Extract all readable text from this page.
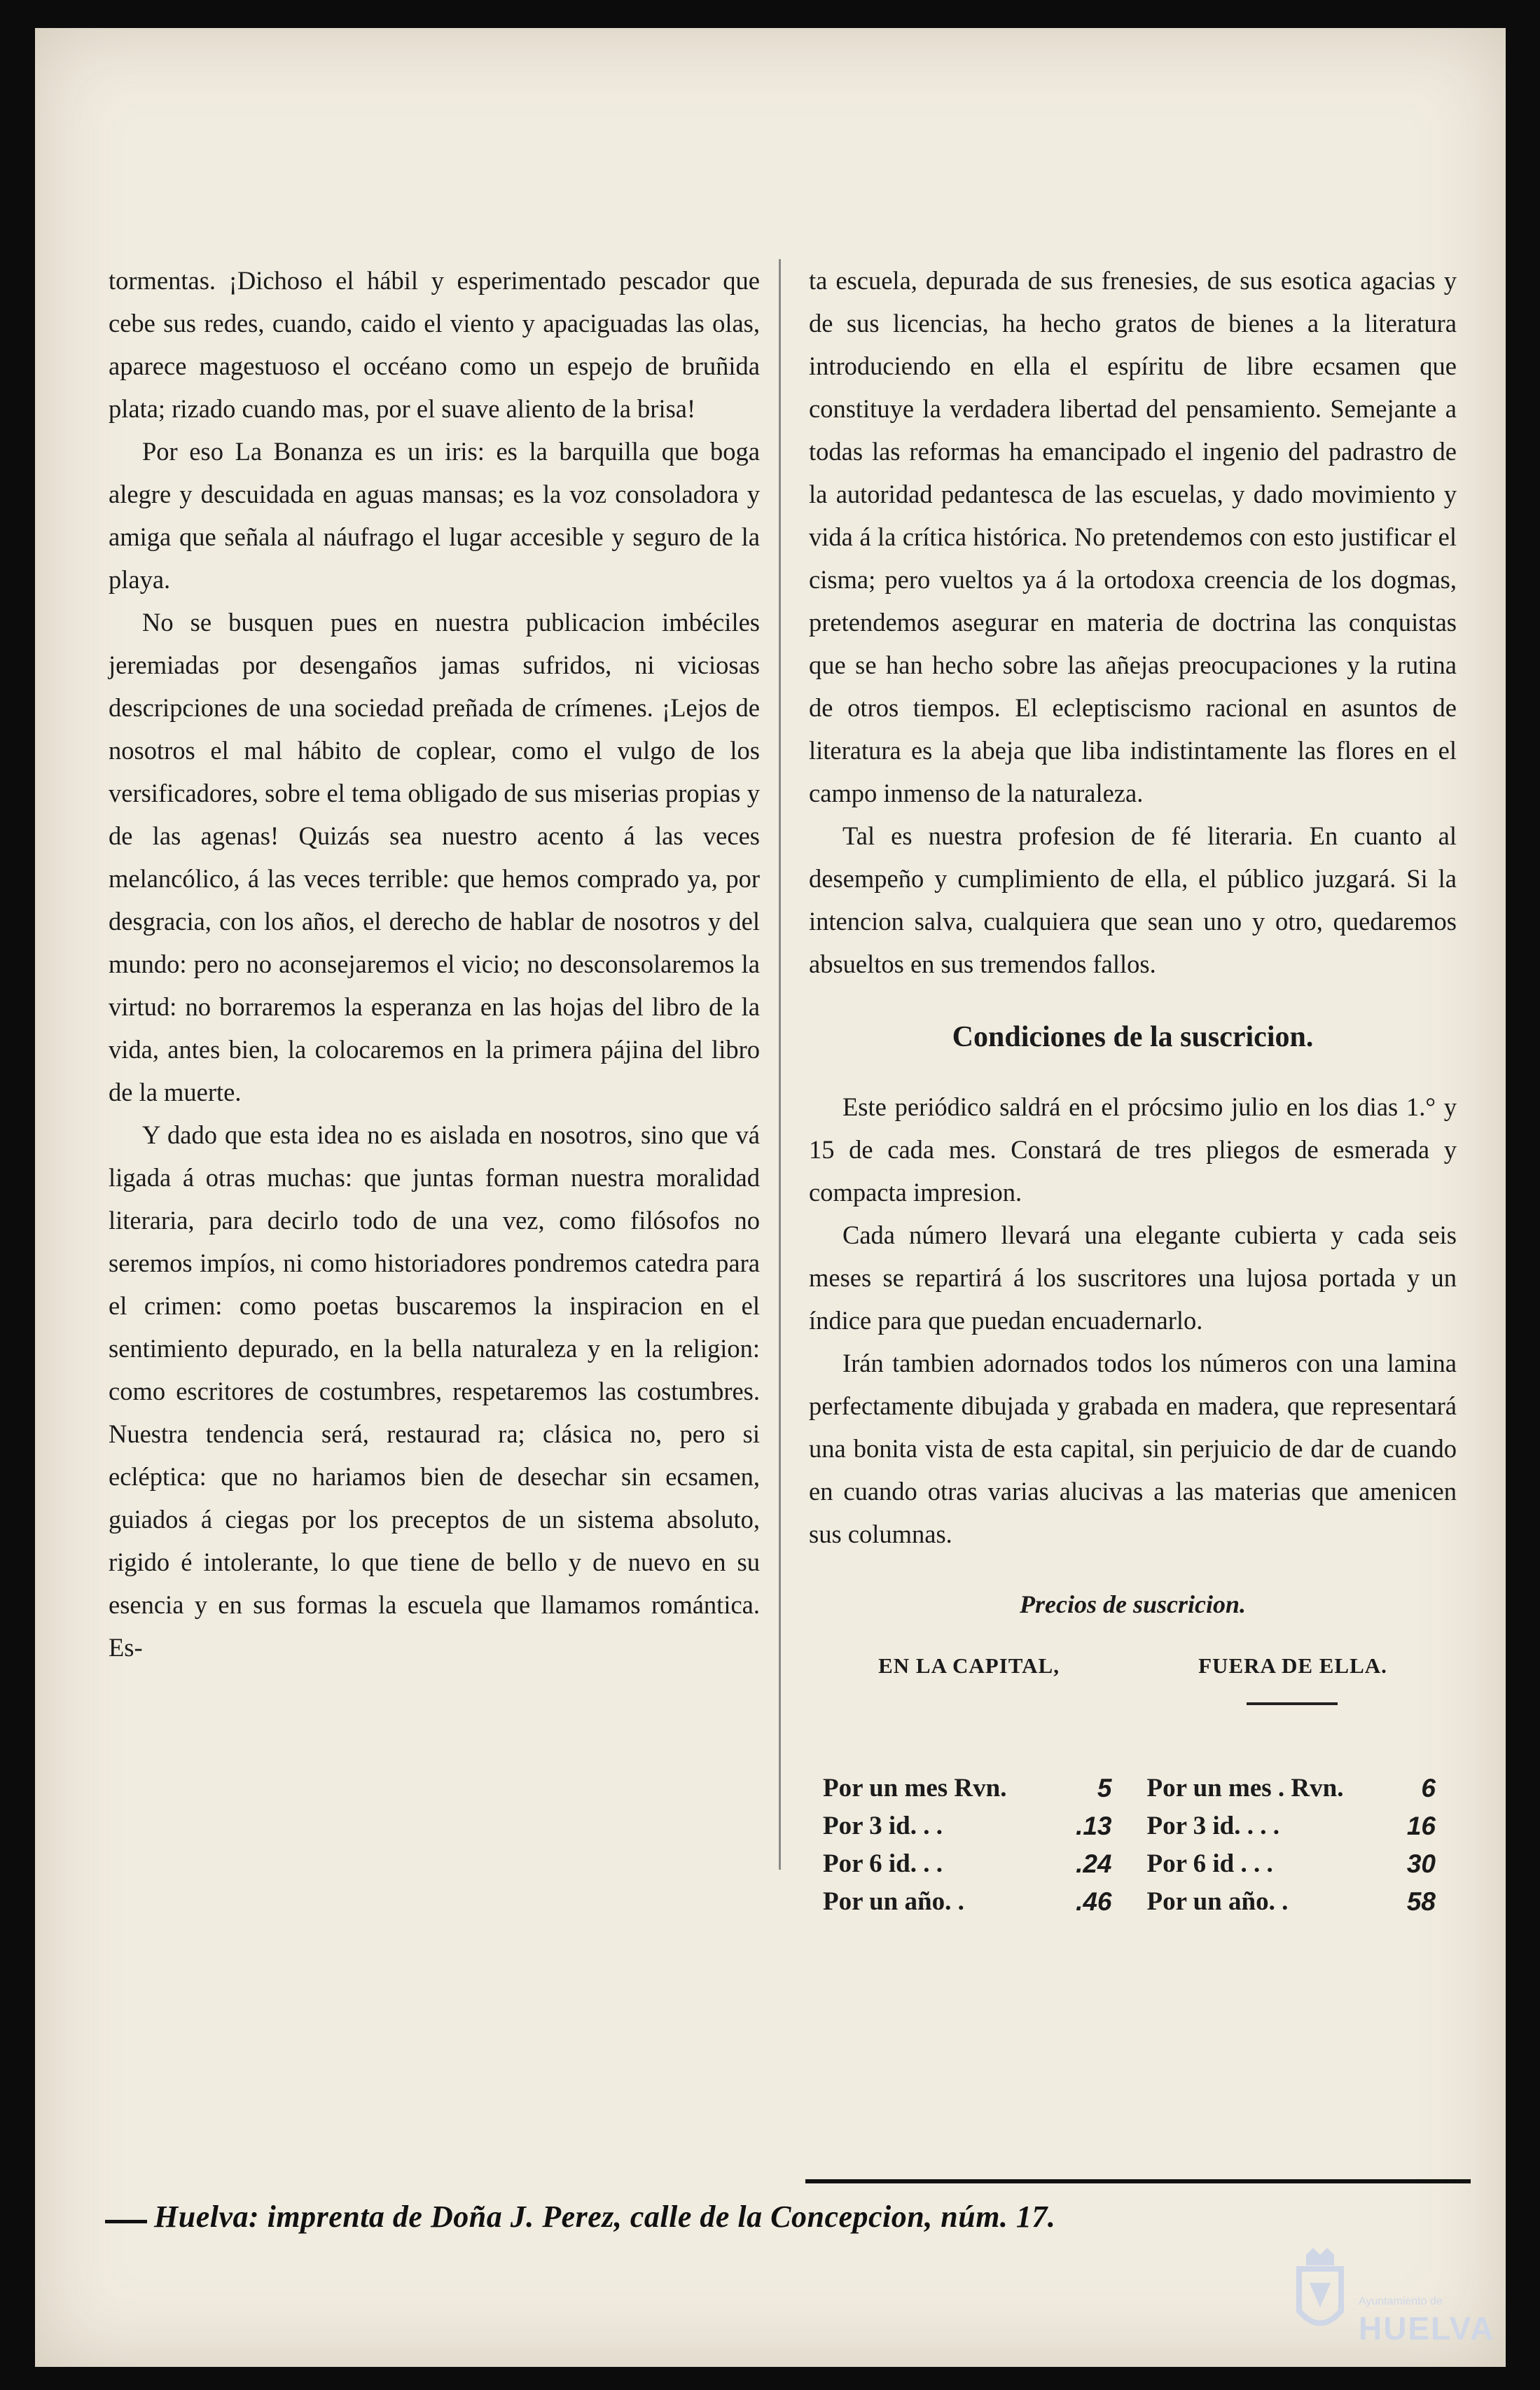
tormentas. ¡Dichoso el hábil y esperimentado pescador que cebe sus redes, cuando, caido el viento y apaciguadas las olas, aparece magestuoso el occéano como un espejo de bruñida plata; rizado cuando mas, por el suave aliento de la brisa!

Por eso La Bonanza es un iris: es la barquilla que boga alegre y descuidada en aguas mansas; es la voz consoladora y amiga que señala al náufrago el lugar accesible y seguro de la playa.

No se busquen pues en nuestra publicacion imbéciles jeremiadas por desengaños jamas sufridos, ni viciosas descripciones de una sociedad preñada de crímenes. ¡Lejos de nosotros el mal hábito de coplear, como el vulgo de los versificadores, sobre el tema obligado de sus miserias propias y de las agenas! Quizás sea nuestro acento á las veces melancólico, á las veces terrible: que hemos comprado ya, por desgracia, con los años, el derecho de hablar de nosotros y del mundo: pero no aconsejaremos el vicio; no desconsolaremos la virtud: no borraremos la esperanza en las hojas del libro de la vida, antes bien, la colocaremos en la primera pájina del libro de la muerte.

Y dado que esta idea no es aislada en nosotros, sino que vá ligada á otras muchas: que juntas forman nuestra moralidad literaria, para decirlo todo de una vez, como filósofos no seremos impíos, ni como historiadores pondremos catedra para el crimen: como poetas buscaremos la inspiracion en el sentimiento depurado, en la bella naturaleza y en la religion: como escritores de costumbres, respetaremos las costumbres. Nuestra tendencia será, restaurad ra; clásica no, pero si ecléptica: que no hariamos bien de desechar sin ecsamen, guiados á ciegas por los preceptos de un sistema absoluto, rigido é intolerante, lo que tiene de bello y de nuevo en su esencia y en sus formas la escuela que llamamos romántica. Es-

ta escuela, depurada de sus frenesies, de sus esotica agacias y de sus licencias, ha hecho gratos de bienes a la literatura introduciendo en ella el espíritu de libre ecsamen que constituye la verdadera libertad del pensamiento. Semejante a todas las reformas ha emancipado el ingenio del padrastro de la autoridad pedantesca de las escuelas, y dado movimiento y vida á la crítica histórica. No pretendemos con esto justificar el cisma; pero vueltos ya á la ortodoxa creencia de los dogmas, pretendemos asegurar en materia de doctrina las conquistas que se han hecho sobre las añejas preocupaciones y la rutina de otros tiempos. El ecleptiscismo racional en asuntos de literatura es la abeja que liba indistintamente las flores en el campo inmenso de la naturaleza.

Tal es nuestra profesion de fé literaria. En cuanto al desempeño y cumplimiento de ella, el público juzgará. Si la intencion salva, cualquiera que sean uno y otro, quedaremos absueltos en sus tremendos fallos.

Condiciones de la suscricion.

Este periódico saldrá en el prócsimo julio en los dias 1.° y 15 de cada mes. Constará de tres pliegos de esmerada y compacta impresion.

Cada número llevará una elegante cubierta y cada seis meses se repartirá á los suscritores una lujosa portada y un índice para que puedan encuadernarlo.

Irán tambien adornados todos los números con una lamina perfectamente dibujada y grabada en madera, que representará una bonita vista de esta capital, sin perjuicio de dar de cuando en cuando otras varias alucivas a las materias que amenicen sus columnas.

Precios de suscricion.
EN LA CAPITAL,	FUERA DE ELLA.
Por un mes Rvn.	5
Por 3 id. . .	.13
Por 6 id. . .	.24
Por un año. .	.46
Por un mes . Rvn.	6
Por 3 id. . . .	16
Por 6 id . . .	30
Por un año. .	58
Huelva: imprenta de Doña J. Perez, calle de la Concepcion, núm. 17.
Ayuntamiento de
HUELVA
